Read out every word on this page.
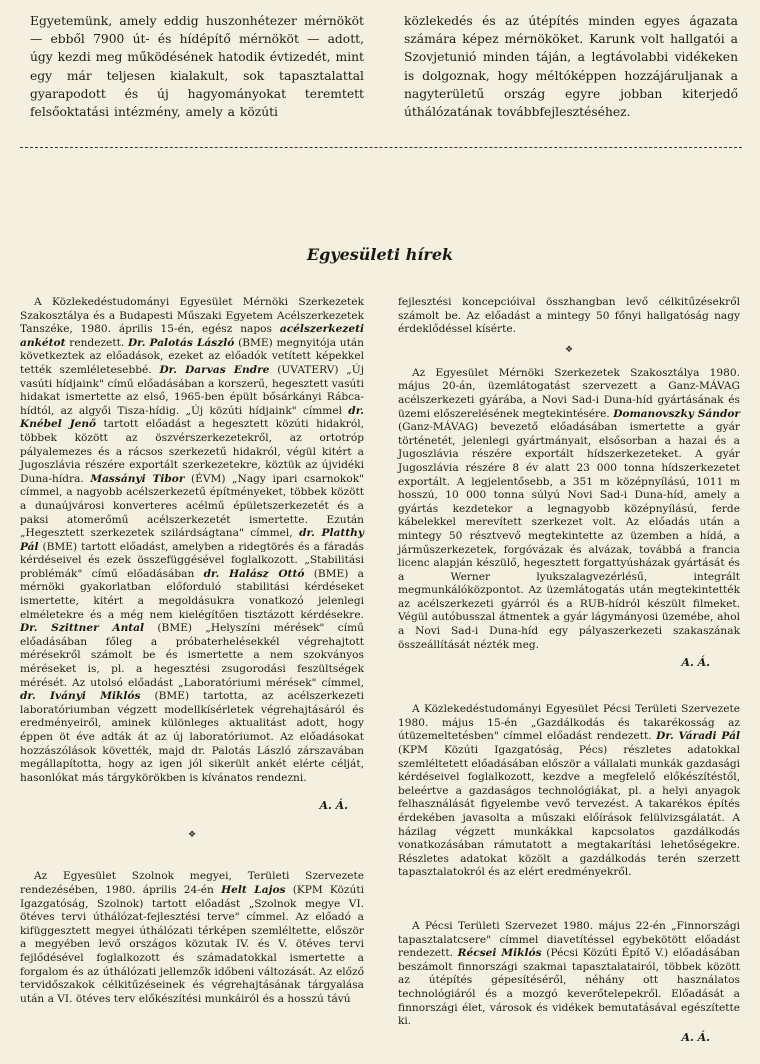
Egyetemünk, amely eddig huszonhétezer mérnököt — ebből 7900 út- és hídépítő mérnököt — adott, úgy kezdi meg működésének hatodik évtizedét, mint egy már teljesen kialakult, sok tapasztalattal gyarapodott és új hagyományokat teremtett felsőoktatási intézmény, amely a közúti

közlekedés és az útépítés minden egyes ágazata számára képez mérnököket. Karunk volt hallgatói a Szovjetunió minden táján, a legtávolabbi vidékeken is dolgoznak, hogy méltóképpen hozzájáruljanak a nagyterületű ország egyre jobban kiterjedő úthálózatának továbbfejlesztéséhez.

Egyesületi hírek

A Közlekedéstudományi Egyesület Mérnöki Szerkezetek Szakosztálya és a Budapesti Műszaki Egyetem Acélszerkezetek Tanszéke, 1980. április 15-én, egész napos acélszerkezeti ankétot rendezett. Dr. Palotás László (BME) megnyitója után következtek az előadások, ezeket az előadók vetített képekkel tették szemléletesebbé. Dr. Darvas Endre (UVATERV) „Új vasúti hídjaink" című előadásában a korszerű, hegesztett vasúti hidakat ismertette az első, 1965-ben épült bősárkányi Rábca-hídtól, az algyői Tisza-hídig. „Új közúti hídjaink" címmel dr. Knébel Jenő tartott előadást a hegesztett közúti hidakról, többek között az öszvérszerkezetekről, az ortotróp pályalemezes és a rácsos szerkezetű hidakról, végül kitért a Jugoszlávia részére exportált szerkezetekre, köztük az újvidéki Duna-hídra. Massányi Tibor (ÉVM) „Nagy ipari csarnokok" címmel, a nagyobb acélszerkezetű építményeket, többek között a dunaújvárosi konverteres acélmű épületszerkezetét és a paksi atomerőmű acélszerkezetét ismertette. Ezután „Hegesztett szerkezetek szilárdságtana" címmel, dr. Platthy Pál (BME) tartott előadást, amelyben a ridegtörés és a fáradás kérdéseivel és ezek összefüggésével foglalkozott. „Stabilitási problémák" című előadásában dr. Halász Ottó (BME) a mérnöki gyakorlatban előforduló stabilitási kérdéseket ismertette, kitért a megoldásukra vonatkozó jelenlegi elméletekre és a még nem kielégítően tisztázott kérdésekre. Dr. Szittner Antal (BME) „Helyszíni mérések" című előadásában főleg a próbaterhelésekkél végrehajtott mérésekről számolt be és ismertette a nem szokványos méréseket is, pl. a hegesztési zsugorodási feszültségek mérését. Az utolsó előadást „Laboratóriumi mérések" címmel, dr. Iványi Miklós (BME) tartotta, az acélszerkezeti laboratóriumban végzett modellkísérletek végrehajtásáról és eredményeiről, aminek különleges aktualitást adott, hogy éppen öt éve adták át az új laboratóriumot. Az előadásokat hozzászólások követték, majd dr. Palotás László zárszavában megállapította, hogy az igen jól sikerült ankét elérte célját, hasonlókat más tárgykörökben is kívánatos rendezni.

A. Á.
❖

Az Egyesület Szolnok megyei, Területi Szervezete rendezésében, 1980. április 24-én Helt Lajos (KPM Közúti Igazgatóság, Szolnok) tartott előadást „Szolnok megye VI. ötéves tervi úthálózat-fejlesztési terve" címmel. Az előadó a kifüggesztett megyei úthálózati térképen szemléltette, először a megyében levő országos közutak IV. és V. ötéves tervi fejlődésével foglalkozott és számadatokkal ismertette a forgalom és az úthálózati jellemzők időbeni változását. Az előző tervidőszakok célkitűzéseinek és végrehajtásának tárgyalása után a VI. ötéves terv előkészítési munkáiról és a hosszú távú

fejlesztési koncepcióival összhangban levő célkitűzésekről számolt be. Az előadást a mintegy 50 főnyi hallgatóság nagy érdeklődéssel kísérte.

❖

Az Egyesület Mérnöki Szerkezetek Szakosztálya 1980. május 20-án, üzemlátogatást szervezett a Ganz-MÁVAG acélszerkezeti gyárába, a Novi Sad-i Duna-híd gyártásának és üzemi előszerelésének megtekintésére. Domanovszky Sándor (Ganz-MÁVAG) bevezető előadásában ismertette a gyár történetét, jelenlegi gyártmányait, elsősorban a hazai és a Jugoszlávia részére exportált hídszerkezeteket. A gyár Jugoszlávia részére 8 év alatt 23 000 tonna hídszerkezetet exportált. A legjelentősebb, a 351 m középnyílású, 1011 m hosszú, 10 000 tonna súlyú Novi Sad-i Duna-híd, amely a gyártás kezdetekor a legnagyobb középnyílású, ferde kábelekkel merevített szerkezet volt. Az előadás után a mintegy 50 résztvevő megtekintette az üzemben a hídá, a járműszerkezetek, forgóvázak és alvázak, továbbá a francia licenc alapján készülő, hegesztett forgattyúsházak gyártását és a Werner lyukszalagvezérlésű, integrált megmunkálóközpontot. Az üzemlátogatás után megtekintették az acélszerkezeti gyárról és a RUB-hídról készült filmeket. Végül autóbusszal átmentek a gyár lágymányosi üzemébe, ahol a Novi Sad-i Duna-híd egy pályaszerkezeti szakaszának összeállítását nézték meg.

A. Á.

A Közlekedéstudományi Egyesület Pécsi Területi Szervezete 1980. május 15-én „Gazdálkodás és takarékosság az útüzemeltetésben" címmel előadást rendezett. Dr. Váradi Pál (KPM Közúti Igazgatóság, Pécs) részletes adatokkal szemléltetett előadásában először a vállalati munkák gazdasági kérdéseivel foglalkozott, kezdve a megfelelő előkészítéstől, beleértve a gazdaságos technológiákat, pl. a helyi anyagok felhasználását figyelembe vevő tervezést. A takarékos építés érdekében javasolta a műszaki előírások felülvizsgálatát. A házilag végzett munkákkal kapcsolatos gazdálkodás vonatkozásában rámutatott a megtakarítási lehetőségekre. Részletes adatokat közölt a gazdálkodás terén szerzett tapasztalatokról és az elért eredményekről.

A Pécsi Területi Szervezet 1980. május 22-én „Finnországi tapasztalatcsere" címmel diavetítéssel egybekötött előadást rendezett. Récsei Miklós (Pécsi Közúti Építő V.) előadásában beszámolt finnországi szakmai tapasztalatairól, többek között az útépítés gépesítéséről, néhány ott használatos technológiáról és a mozgó keverőtelepekről. Előadását a finnországi élet, városok és vidékek bemutatásával egészítette ki.

A. Á.
